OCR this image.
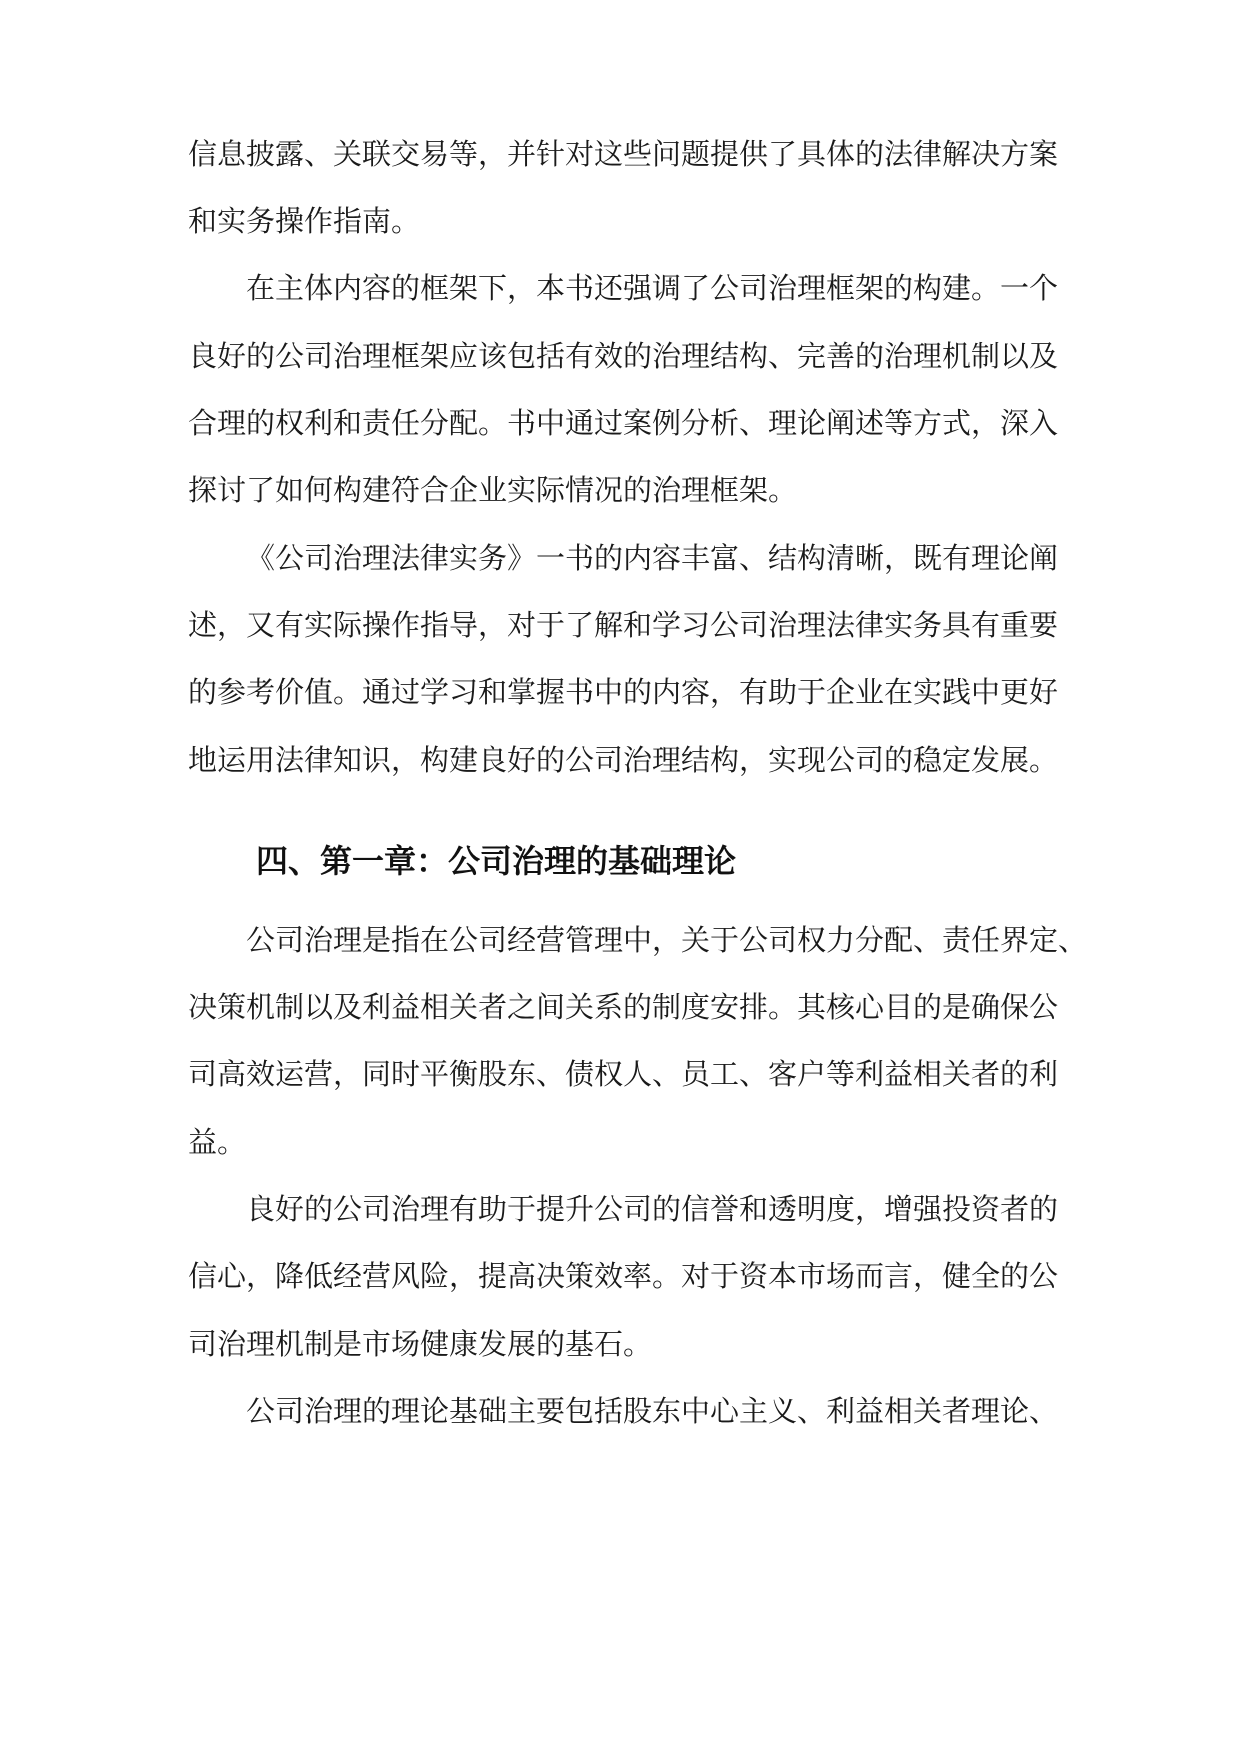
信息披露、关联交易等，并针对这些问题提供了具体的法律解决方案
和实务操作指南。
在主体内容的框架下，本书还强调了公司治理框架的构建。一个
良好的公司治理框架应该包括有效的治理结构、完善的治理机制以及
合理的权利和责任分配。书中通过案例分析、理论阐述等方式，深入
探讨了如何构建符合企业实际情况的治理框架。
《公司治理法律实务》一书的内容丰富、结构清晰，既有理论阐
述，又有实际操作指导，对于了解和学习公司治理法律实务具有重要
的参考价值。通过学习和掌握书中的内容，有助于企业在实践中更好
地运用法律知识，构建良好的公司治理结构，实现公司的稳定发展。
四、第一章：公司治理的基础理论
公司治理是指在公司经营管理中，关于公司权力分配、责任界定、
决策机制以及利益相关者之间关系的制度安排。其核心目的是确保公
司高效运营，同时平衡股东、债权人、员工、客户等利益相关者的利
益。
良好的公司治理有助于提升公司的信誉和透明度，增强投资者的
信心，降低经营风险，提高决策效率。对于资本市场而言，健全的公
司治理机制是市场健康发展的基石。
公司治理的理论基础主要包括股东中心主义、利益相关者理论、
